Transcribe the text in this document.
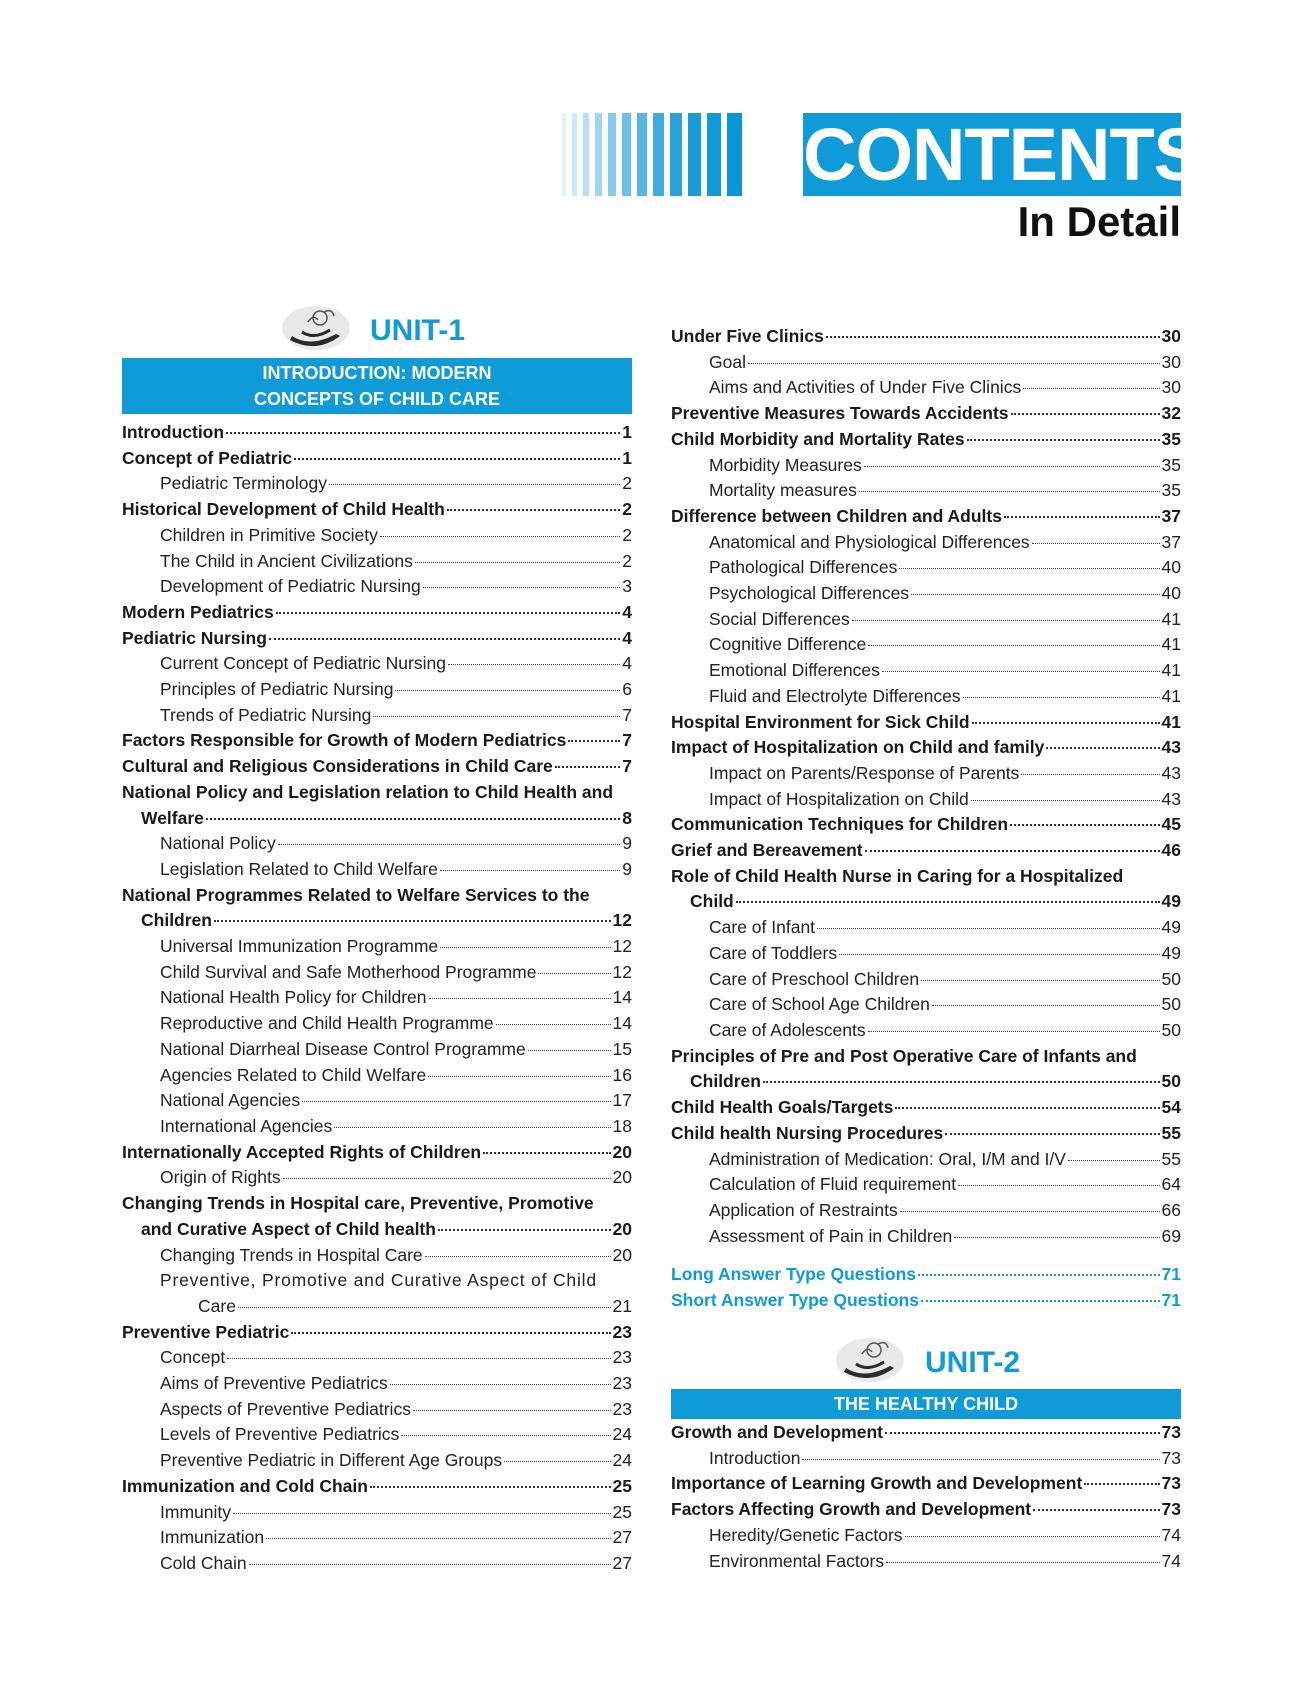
CONTENTS
In Detail
UNIT-1
INTRODUCTION: MODERN
CONCEPTS OF CHILD CARE
Introduction	1
Concept of Pediatric	1
Pediatric Terminology	2
Historical Development of Child Health	2
Children in Primitive Society	2
The Child in Ancient Civilizations	2
Development of Pediatric Nursing	3
Modern Pediatrics	4
Pediatric Nursing	4
Current Concept of Pediatric Nursing	4
Principles of Pediatric Nursing	6
Trends of Pediatric Nursing	7
Factors Responsible for Growth of Modern Pediatrics	7
Cultural and Religious Considerations in Child Care	7
National Policy and Legislation relation to Child Health and
Welfare	8
National Policy	9
Legislation Related to Child Welfare	9
National Programmes Related to Welfare Services to the
Children	12
Universal Immunization Programme	12
Child Survival and Safe Motherhood Programme	12
National Health Policy for Children	14
Reproductive and Child Health Programme	14
National Diarrheal Disease Control Programme	15
Agencies Related to Child Welfare	16
National Agencies	17
International Agencies	18
Internationally Accepted Rights of Children	20
Origin of Rights	20
Changing Trends in Hospital care, Preventive, Promotive
and Curative Aspect of Child health	20
Changing Trends in Hospital Care	20
Preventive, Promotive and Curative Aspect of Child
Care	21
Preventive Pediatric	23
Concept	23
Aims of Preventive Pediatrics	23
Aspects of Preventive Pediatrics	23
Levels of Preventive Pediatrics	24
Preventive Pediatric in Different Age Groups	24
Immunization and Cold Chain	25
Immunity	25
Immunization	27
Cold Chain	27
Under Five Clinics	30
Goal	30
Aims and Activities of Under Five Clinics	30
Preventive Measures Towards Accidents	32
Child Morbidity and Mortality Rates	35
Morbidity Measures	35
Mortality measures	35
Difference between Children and Adults	37
Anatomical and Physiological Differences	37
Pathological Differences	40
Psychological Differences	40
Social Differences	41
Cognitive Difference	41
Emotional Differences	41
Fluid and Electrolyte Differences	41
Hospital Environment for Sick Child	41
Impact of Hospitalization on Child and family	43
Impact on Parents/Response of Parents	43
Impact of Hospitalization on Child	43
Communication Techniques for Children	45
Grief and Bereavement	46
Role of Child Health Nurse in Caring for a Hospitalized
Child	49
Care of Infant	49
Care of Toddlers	49
Care of Preschool Children	50
Care of School Age Children	50
Care of Adolescents	50
Principles of Pre and Post Operative Care of Infants and
Children	50
Child Health Goals/Targets	54
Child health Nursing Procedures	55
Administration of Medication: Oral, I/M and I/V	55
Calculation of Fluid requirement	64
Application of Restraints	66
Assessment of Pain in Children	69
Long Answer Type Questions	71
Short Answer Type Questions	71
UNIT-2
THE HEALTHY CHILD
Growth and Development	73
Introduction	73
Importance of Learning Growth and Development	73
Factors Affecting Growth and Development	73
Heredity/Genetic Factors	74
Environmental Factors	74
